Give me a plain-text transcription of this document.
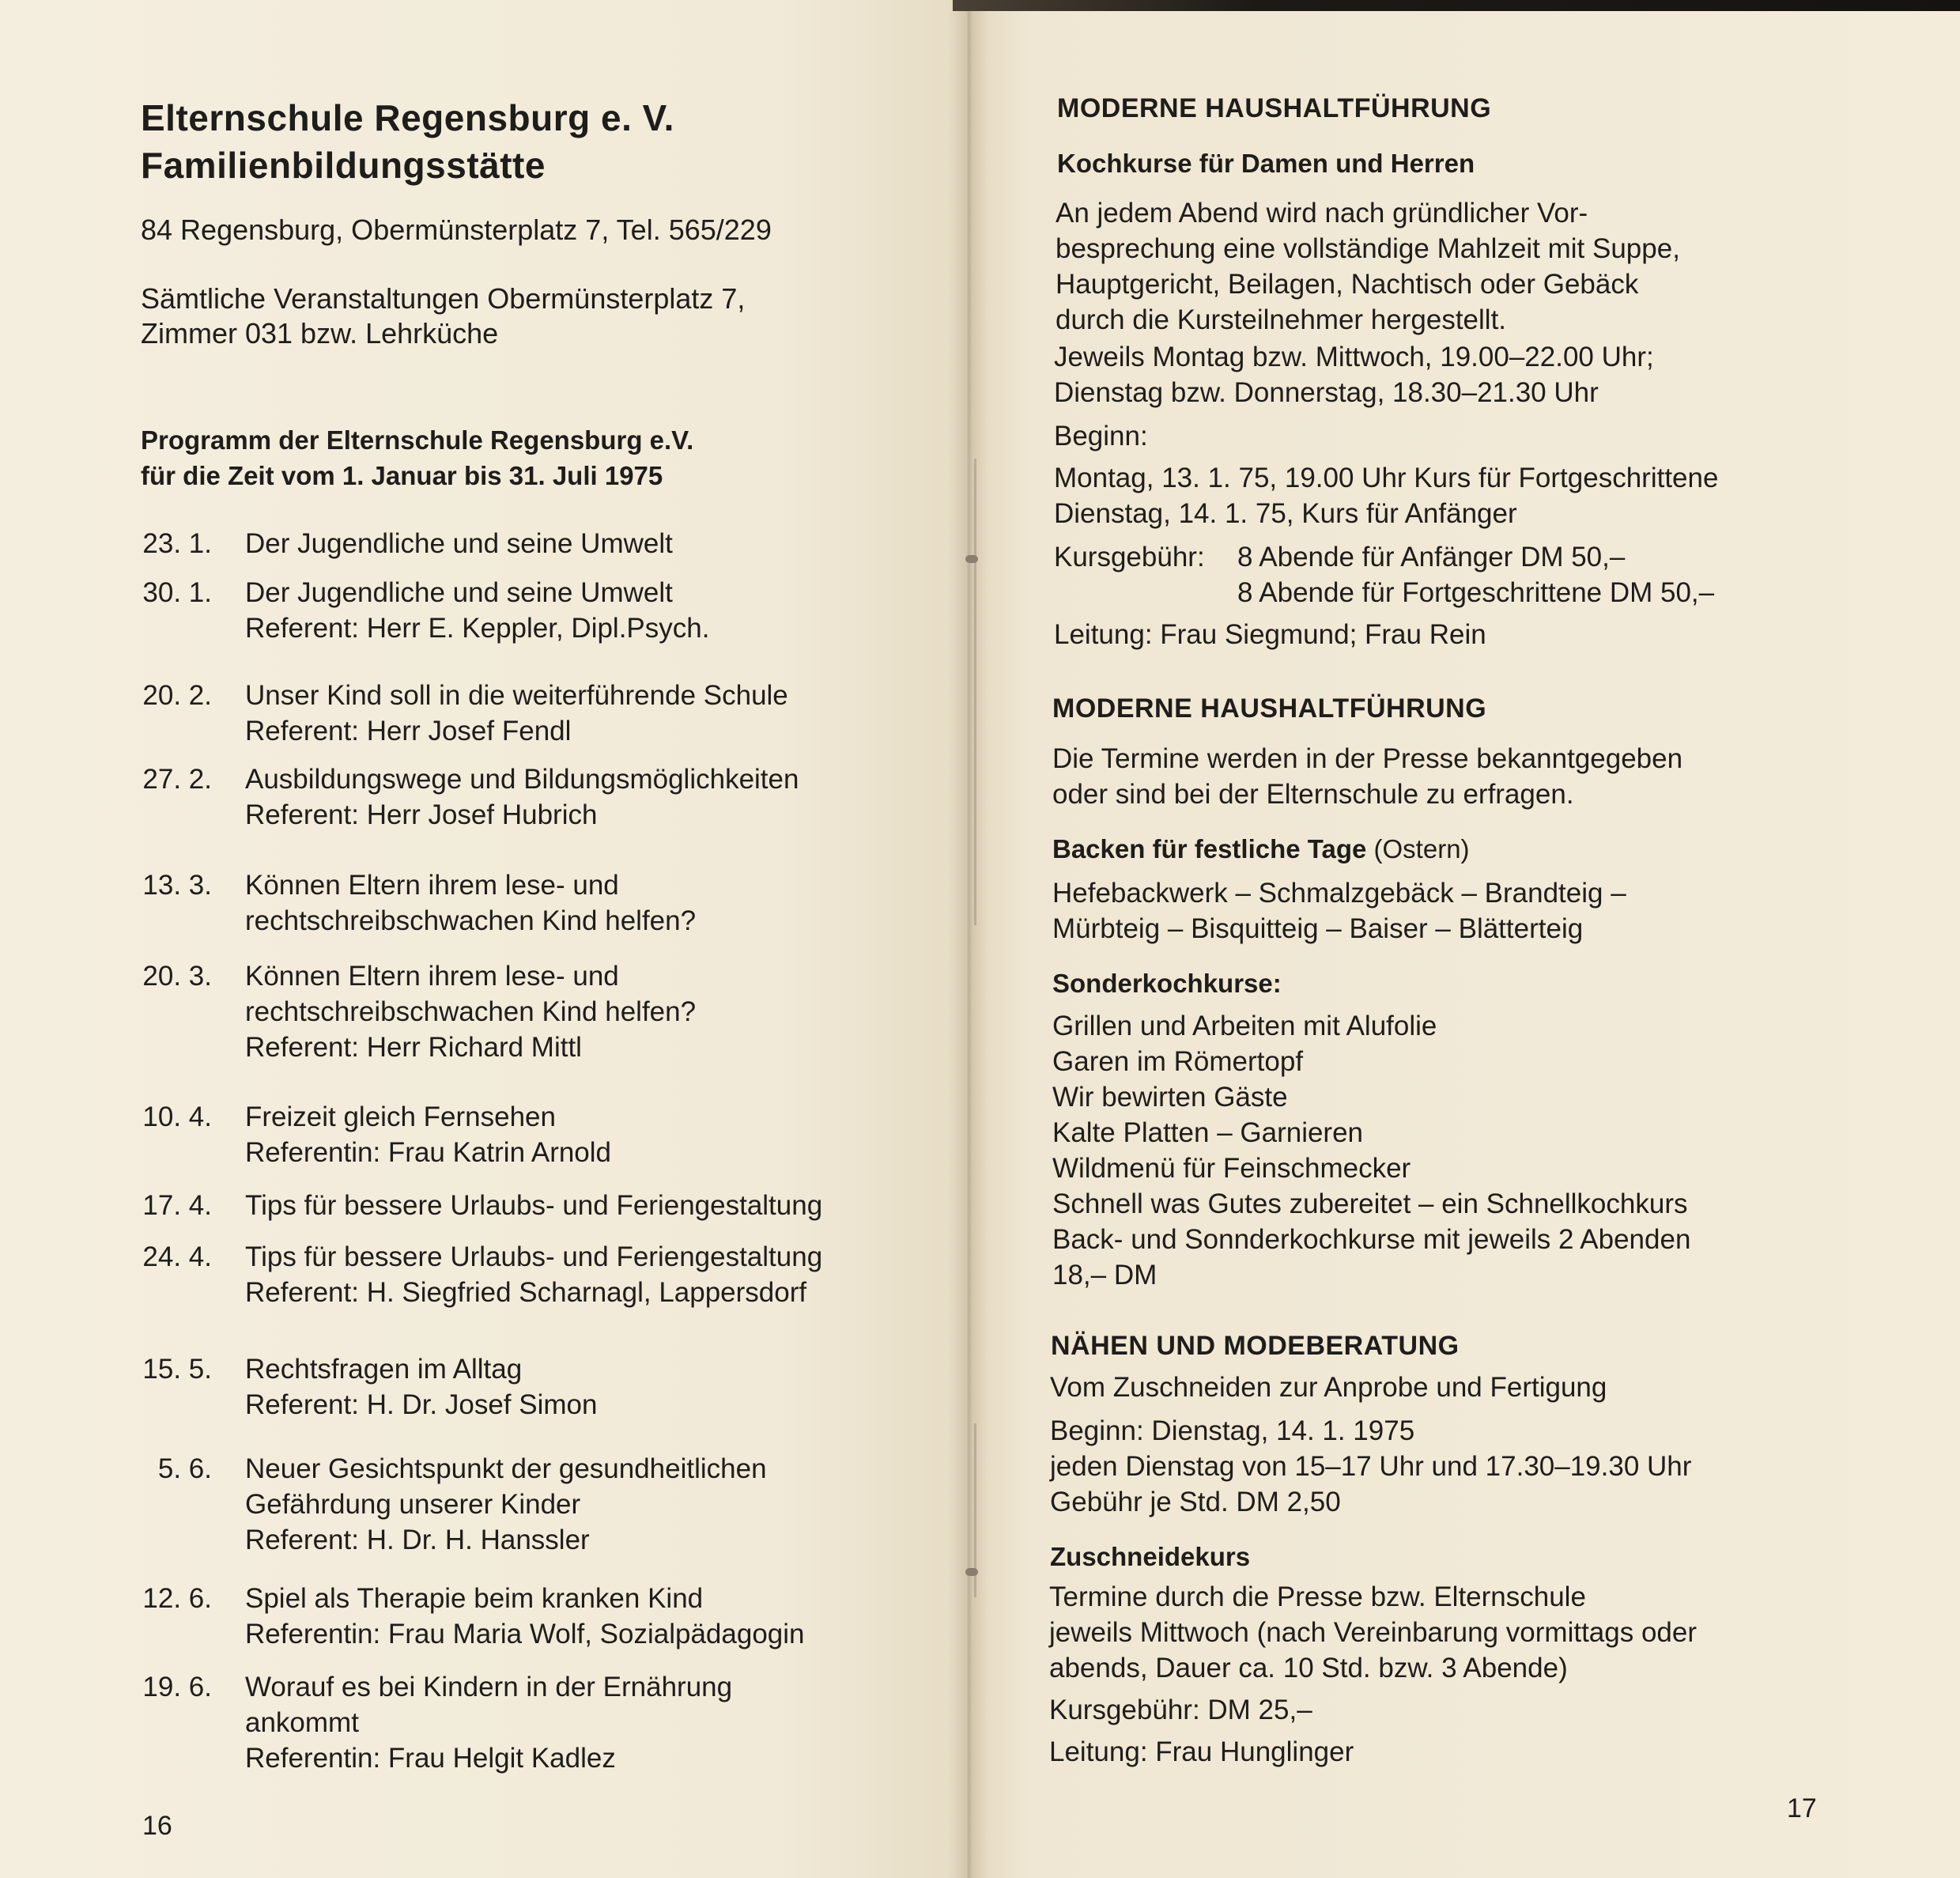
Elternschule Regensburg e. V.
Familienbildungsstätte

84 Regensburg, Obermünsterplatz 7, Tel. 565/229

Sämtliche Veranstaltungen Obermünsterplatz 7,

Zimmer 031 bzw. Lehrküche

Programm der Elternschule Regensburg e.V.

für die Zeit vom 1. Januar bis 31. Juli 1975

23. 1. Der Jugendliche und seine Umwelt
30. 1. Der Jugendliche und seine Umwelt
Referent: Herr E. Keppler, Dipl.Psych.
20. 2. Unser Kind soll in die weiterführende Schule
Referent: Herr Josef Fendl
27. 2. Ausbildungswege und Bildungsmöglichkeiten
Referent: Herr Josef Hubrich
13. 3. Können Eltern ihrem lese- und
rechtschreibschwachen Kind helfen?
20. 3. Können Eltern ihrem lese- und
rechtschreibschwachen Kind helfen?
Referent: Herr Richard Mittl
10. 4. Freizeit gleich Fernsehen
Referentin: Frau Katrin Arnold
17. 4. Tips für bessere Urlaubs- und Feriengestaltung
24. 4. Tips für bessere Urlaubs- und Feriengestaltung
Referent: H. Siegfried Scharnagl, Lappersdorf
15. 5. Rechtsfragen im Alltag
Referent: H. Dr. Josef Simon
5. 6. Neuer Gesichtspunkt der gesundheitlichen
Gefährdung unserer Kinder
Referent: H. Dr. H. Hanssler
12. 6. Spiel als Therapie beim kranken Kind
Referentin: Frau Maria Wolf, Sozialpädagogin
19. 6. Worauf es bei Kindern in der Ernährung
ankommt
Referentin: Frau Helgit Kadlez

16

MODERNE HAUSHALTFÜHRUNG

Kochkurse für Damen und Herren

An jedem Abend wird nach gründlicher Vor-

besprechung eine vollständige Mahlzeit mit Suppe,

Hauptgericht, Beilagen, Nachtisch oder Gebäck

durch die Kursteilnehmer hergestellt.

Jeweils Montag bzw. Mittwoch, 19.00–22.00 Uhr;

Dienstag bzw. Donnerstag, 18.30–21.30 Uhr

Beginn:

Montag, 13. 1. 75, 19.00 Uhr Kurs für Fortgeschrittene

Dienstag, 14. 1. 75, Kurs für Anfänger

Kursgebühr: 8 Abende für Anfänger DM 50,–

8 Abende für Fortgeschrittene DM 50,–

Leitung: Frau Siegmund; Frau Rein

MODERNE HAUSHALTFÜHRUNG

Die Termine werden in der Presse bekanntgegeben

oder sind bei der Elternschule zu erfragen.

Backen für festliche Tage (Ostern)

Hefebackwerk – Schmalzgebäck – Brandteig –

Mürbteig – Bisquitteig – Baiser – Blätterteig

Sonderkochkurse:

Grillen und Arbeiten mit Alufolie

Garen im Römertopf

Wir bewirten Gäste

Kalte Platten – Garnieren

Wildmenü für Feinschmecker

Schnell was Gutes zubereitet – ein Schnellkochkurs

Back- und Sonnderkochkurse mit jeweils 2 Abenden

18,– DM

NÄHEN UND MODEBERATUNG

Vom Zuschneiden zur Anprobe und Fertigung

Beginn: Dienstag, 14. 1. 1975

jeden Dienstag von 15–17 Uhr und 17.30–19.30 Uhr

Gebühr je Std. DM 2,50

Zuschneidekurs

Termine durch die Presse bzw. Elternschule

jeweils Mittwoch (nach Vereinbarung vormittags oder

abends, Dauer ca. 10 Std. bzw. 3 Abende)

Kursgebühr: DM 25,–

Leitung: Frau Hunglinger

17
